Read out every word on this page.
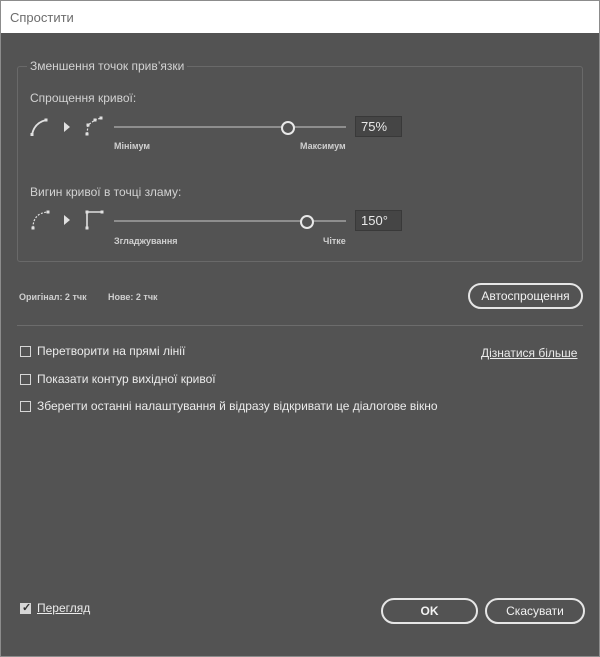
Спростити
Зменшення точок прив’язки
Спрощення кривої:
75%
Мінімум	Максимум
Вигин кривої в точці зламу:
150°
Згладжування	Чітке
Оригінал: 2 тчк Нове: 2 тчк	Автоспрощення
Перетворити на прямі лінії	Дізнатися більше
Показати контур вихідної кривої
Зберегти останні налаштування й відразу відкривати це діалогове вікно
✓ Перегляд	OK	Скасувати
